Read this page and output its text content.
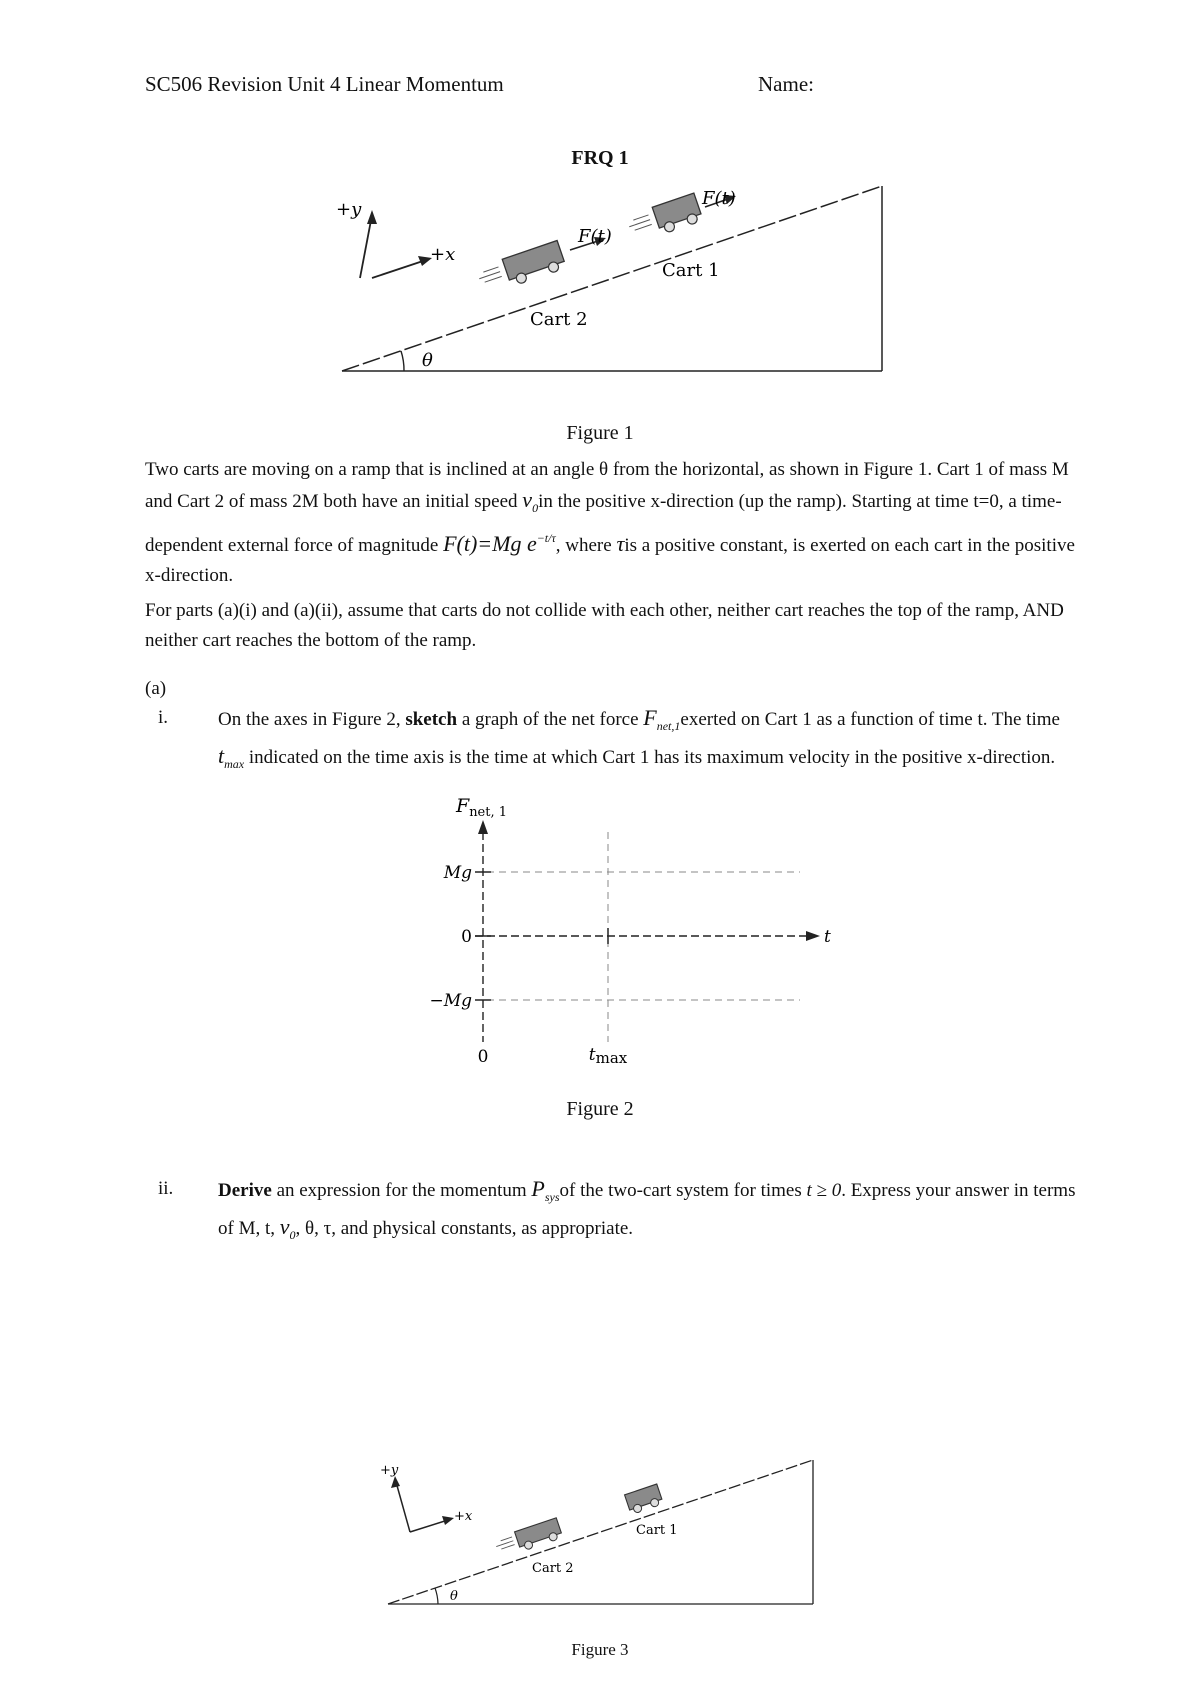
SC506 Revision Unit 4 Linear Momentum	Name:
FRQ 1
+y
+x
θ
F(t)
F(t)
Cart 1
Cart 2
Figure 1
Two carts are moving on a ramp that is inclined at an angle θ from the horizontal, as shown in Figure 1. Cart 1 of mass M and Cart 2 of mass 2M both have an initial speed $v_0in$ the positive x-direction (up the ramp). Starting at time t=0, a time-dependent external force of magnitude F(t)=Mg $e^{-t/\tau}$, where τis a positive constant, is exerted on each cart in the positive x-direction.
For parts (a)(i) and (a)(ii), assume that carts do not collide with each other, neither cart reaches the top of the ramp, AND neither cart reaches the bottom of the ramp.
(a)
i.	On the axes in Figure 2, sketch a graph of the net force $F_{net,1}exerted$ on Cart 1 as a function of time t. The time $t_{max}$ indicated on the time axis is the time at which Cart 1 has its maximum velocity in the positive x-direction.
$F_{net, 1}$
Mg
0
−Mg
t
0	tmax
Figure 2
ii. Derive an expression for the momentum $P_{sys}of$ the two-cart system for times t ≥ 0. Express your answer in terms of M, t, $v_0$, θ, τ, and physical constants, as appropriate.
+y
+x
θ
Cart 1
Cart 2
Figure 3
